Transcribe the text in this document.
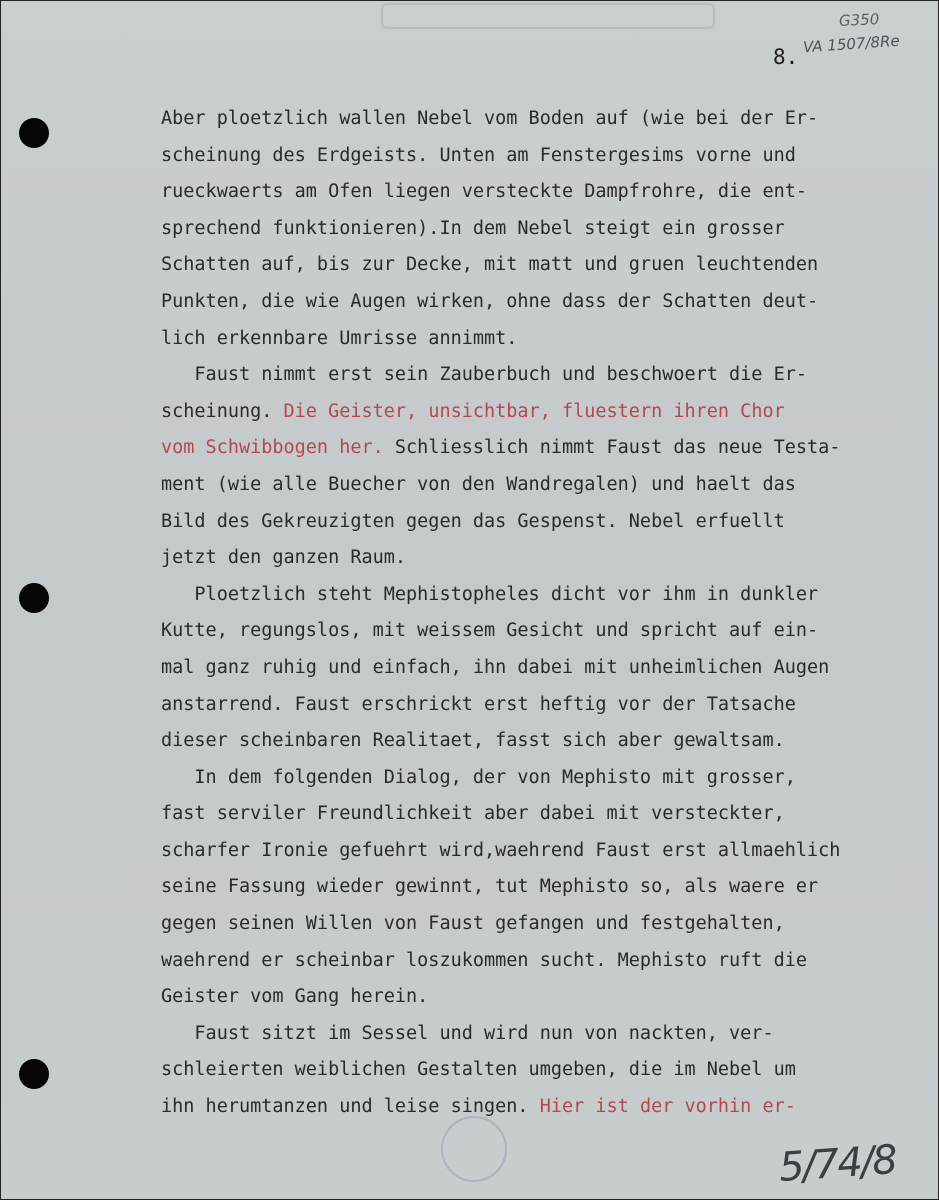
G350
VA 1507/8Re
8.
Aber ploetzlich wallen Nebel vom Boden auf (wie bei der Er-
scheinung des Erdgeists. Unten am Fenstergesims vorne und
rueckwaerts am Ofen liegen versteckte Dampfrohre, die ent-
sprechend funktionieren).In dem Nebel steigt ein grosser
Schatten auf, bis zur Decke, mit matt und gruen leuchtenden
Punkten, die wie Augen wirken, ohne dass der Schatten deut-
lich erkennbare Umrisse annimmt.
Faust nimmt erst sein Zauberbuch und beschwoert die Er-
scheinung. Die Geister, unsichtbar, fluestern ihren Chor
vom Schwibbogen her. Schliesslich nimmt Faust das neue Testa-
ment (wie alle Buecher von den Wandregalen) und haelt das
Bild des Gekreuzigten gegen das Gespenst. Nebel erfuellt
jetzt den ganzen Raum.
Ploetzlich steht Mephistopheles dicht vor ihm in dunkler
Kutte, regungslos, mit weissem Gesicht und spricht auf ein-
mal ganz ruhig und einfach, ihn dabei mit unheimlichen Augen
anstarrend. Faust erschrickt erst heftig vor der Tatsache
dieser scheinbaren Realitaet, fasst sich aber gewaltsam.
In dem folgenden Dialog, der von Mephisto mit grosser,
fast serviler Freundlichkeit aber dabei mit versteckter,
scharfer Ironie gefuehrt wird,waehrend Faust erst allmaehlich
seine Fassung wieder gewinnt, tut Mephisto so, als waere er
gegen seinen Willen von Faust gefangen und festgehalten,
waehrend er scheinbar loszukommen sucht. Mephisto ruft die
Geister vom Gang herein.
Faust sitzt im Sessel und wird nun von nackten, ver-
schleierten weiblichen Gestalten umgeben, die im Nebel um
ihn herumtanzen und leise singen. Hier ist der vorhin er-
5/74/8
